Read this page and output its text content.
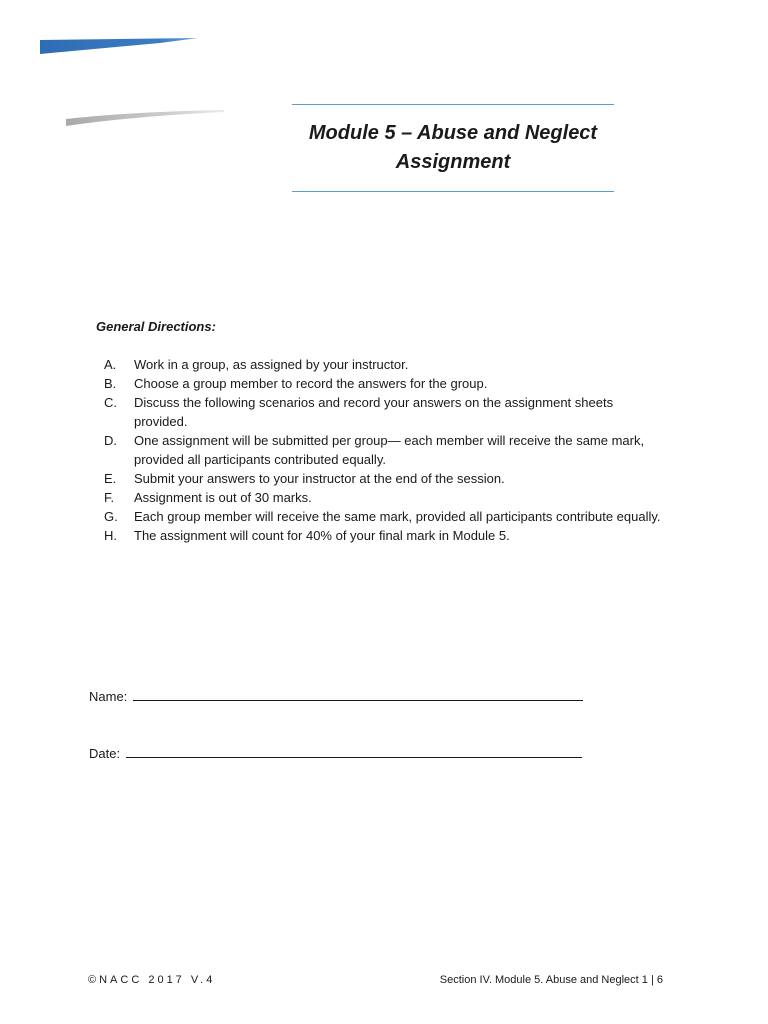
Module 5 – Abuse and Neglect
Assignment
General Directions:
A.	Work in a group, as assigned by your instructor.
B.	Choose a group member to record the answers for the group.
C.	Discuss the following scenarios and record your answers on the assignment sheets provided.
D.	One assignment will be submitted per group— each member will receive the same mark, provided all participants contributed equally.
E.	Submit your answers to your instructor at the end of the session.
F.	Assignment is out of 30 marks.
G.	Each group member will receive the same mark, provided all participants contribute equally.
H.	The assignment will count for 40% of your final mark in Module 5.
Name:
Date:
©NACC 2017 V.4	Section IV. Module 5. Abuse and Neglect 1 | 6
